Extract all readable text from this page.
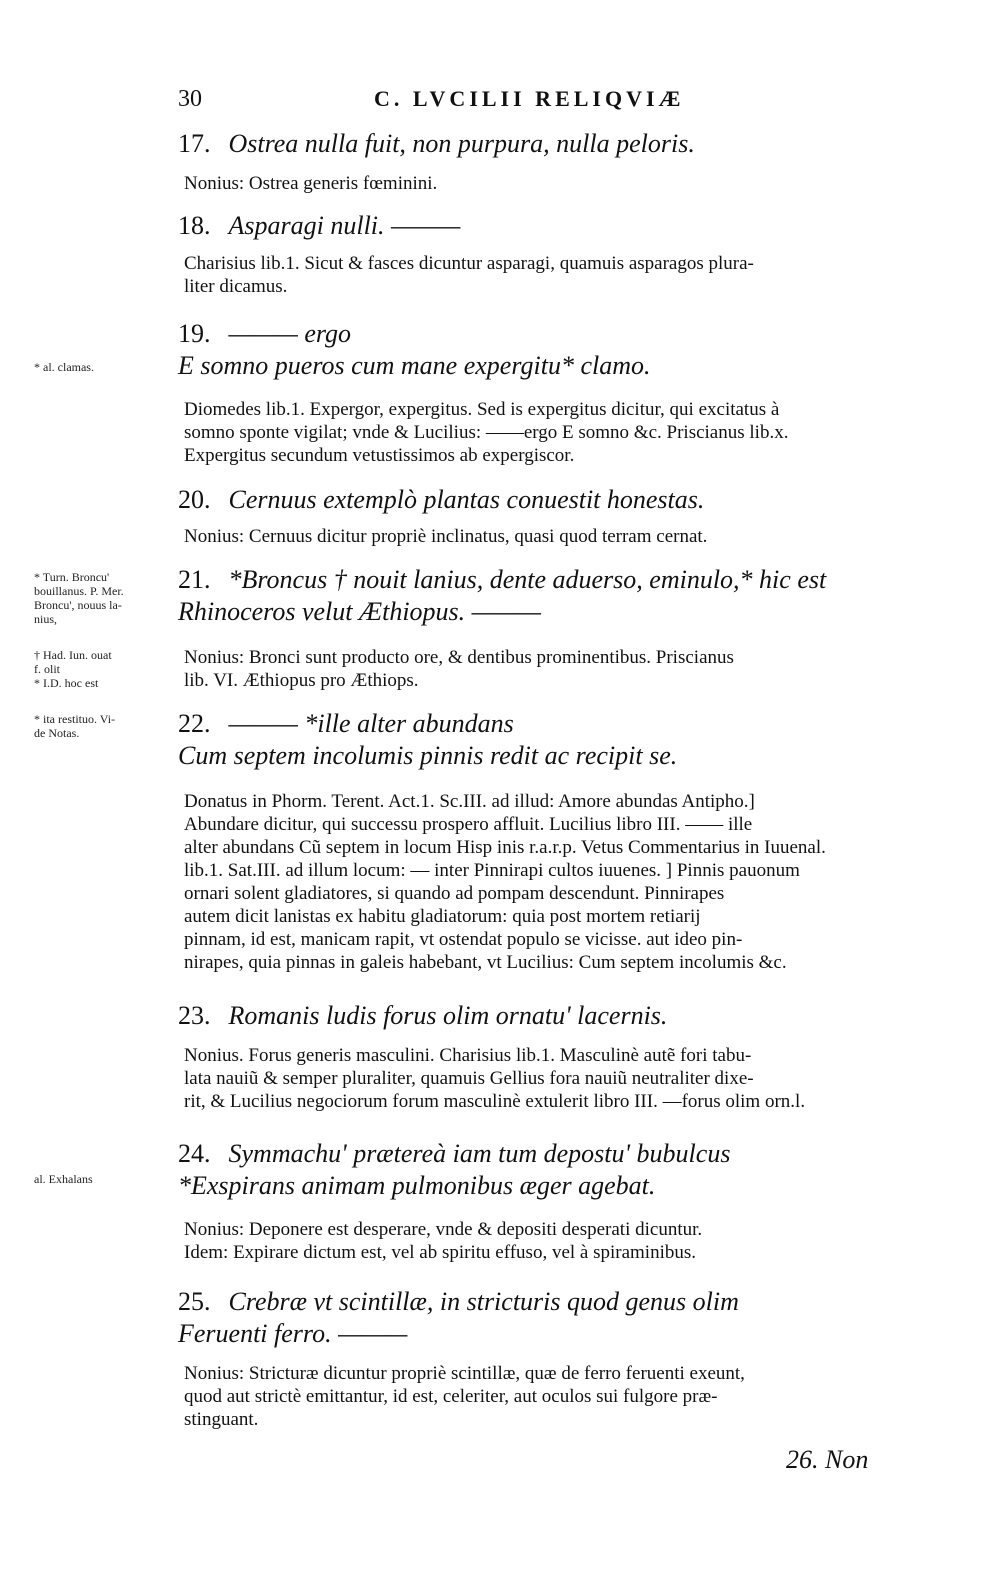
30	C. LVCILII RELIQVIÆ
17. Ostrea nulla fuit, non purpura, nulla peloris.
Nonius: Ostrea generis fœminini.
18. Asparagi nulli. ———
Charisius lib.1. Sicut & fasces dicuntur asparagi, quamuis asparagos plura-
liter dicamus.
19. ——— ergo
E somno pueros cum mane expergitu* clamo.
Diomedes lib.1. Expergor, expergitus. Sed is expergitus dicitur, qui excitatus à
somno sponte vigilat; vnde & Lucilius: ——ergo E somno &c. Priscianus lib.x.
Expergitus secundum vetustissimos ab expergiscor.
20. Cernuus extemplò plantas conuestit honestas.
Nonius: Cernuus dicitur propriè inclinatus, quasi quod terram cernat.
21. *Broncus † nouit lanius, dente aduerso, eminulo,* hic est
Rhinoceros velut Æthiopus. ———
Nonius: Bronci sunt producto ore, & dentibus prominentibus. Priscianus
lib. VI. Æthiopus pro Æthiops.
22. ——— *ille alter abundans
Cum septem incolumis pinnis redit ac recipit se.
Donatus in Phorm. Terent. Act.1. Sc.III. ad illud: Amore abundas Antipho.]
Abundare dicitur, qui successu prospero affluit. Lucilius libro III. —— ille
alter abundans Cũ septem in locum Hisp inis r.a.r.p. Vetus Commentarius in Iuuenal.
lib.1. Sat.III. ad illum locum: — inter Pinnirapi cultos iuuenes. ] Pinnis pauonum
ornari solent gladiatores, si quando ad pompam descendunt. Pinnirapes
autem dicit lanistas ex habitu gladiatorum: quia post mortem retiarij
pinnam, id est, manicam rapit, vt ostendat populo se vicisse. aut ideo pin-
nirapes, quia pinnas in galeis habebant, vt Lucilius: Cum septem incolumis &c.
23. Romanis ludis forus olim ornatu' lacernis.
Nonius. Forus generis masculini. Charisius lib.1. Masculinè autẽ fori tabu-
lata nauiũ & semper pluraliter, quamuis Gellius fora nauiũ neutraliter dixe-
rit, & Lucilius negociorum forum masculinè extulerit libro III. —forus olim orn.l.
24. Symmachu' prætereà iam tum depostu' bubulcus
*Exspirans animam pulmonibus æger agebat.
Nonius: Deponere est desperare, vnde & depositi desperati dicuntur.
Idem: Expirare dictum est, vel ab spiritu effuso, vel à spiraminibus.
25. Crebræ vt scintillæ, in stricturis quod genus olim
Feruenti ferro. ———
Nonius: Stricturæ dicuntur propriè scintillæ, quæ de ferro feruenti exeunt,
quod aut strictè emittantur, id est, celeriter, aut oculos sui fulgore præ-
stinguant.
* al. clamas.
* Turn. Broncu'
bouillanus. P. Mer.
Broncu', nouus la-
nius,
† Had. Iun. ouat
f. olit
* I.D. hoc est
* ita restituo. Vi-
de Notas.
al. Exhalans
26. Non
